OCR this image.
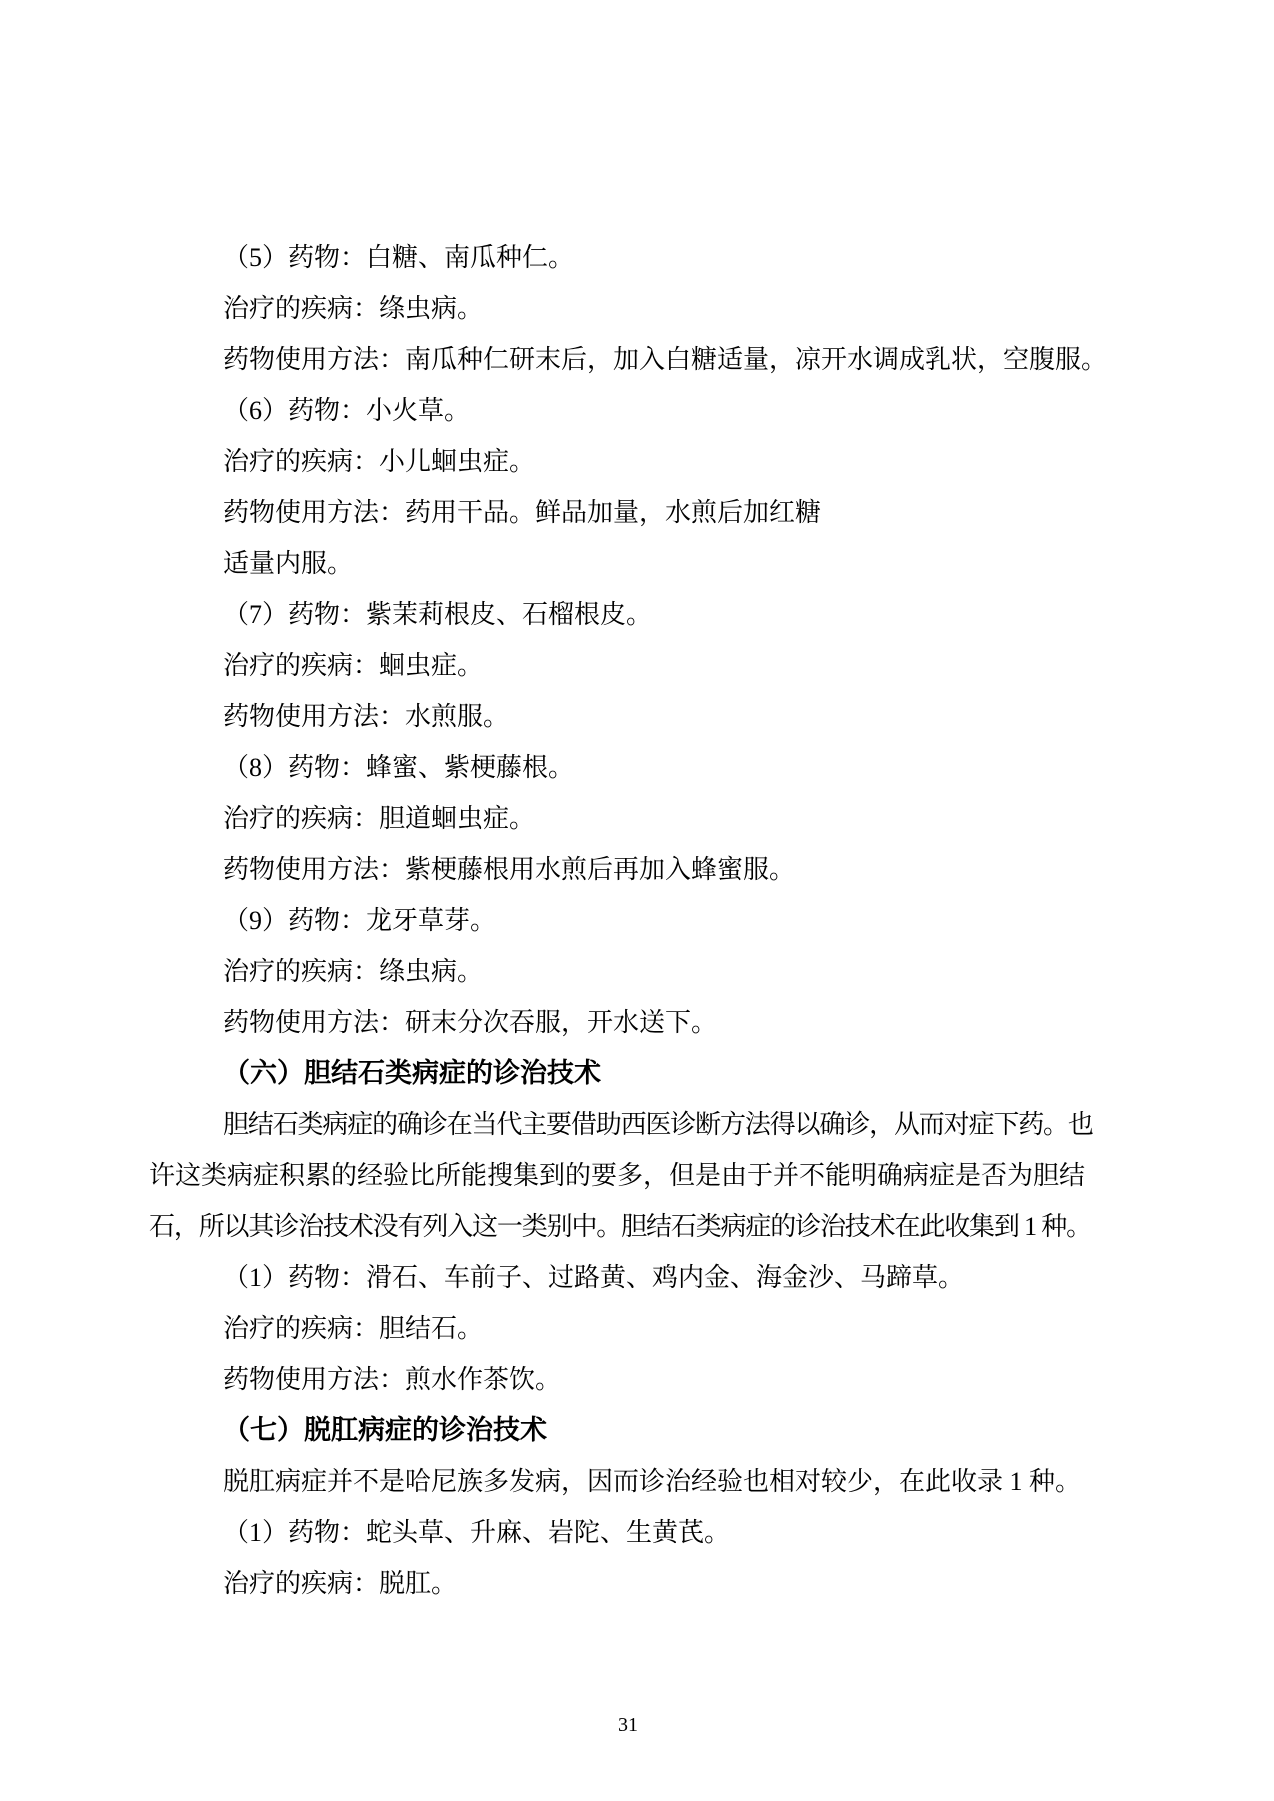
（5）药物：白糖、南瓜种仁。
治疗的疾病：绦虫病。
药物使用方法：南瓜种仁研末后，加入白糖适量，凉开水调成乳状，空腹服。
（6）药物：小火草。
治疗的疾病：小儿蛔虫症。
药物使用方法：药用干品。鲜品加量，水煎后加红糖
适量内服。
（7）药物：紫茉莉根皮、石榴根皮。
治疗的疾病：蛔虫症。
药物使用方法：水煎服。
（8）药物：蜂蜜、紫梗藤根。
治疗的疾病：胆道蛔虫症。
药物使用方法：紫梗藤根用水煎后再加入蜂蜜服。
（9）药物：龙牙草芽。
治疗的疾病：绦虫病。
药物使用方法：研末分次吞服，开水送下。
（六）胆结石类病症的诊治技术
胆结石类病症的确诊在当代主要借助西医诊断方法得以确诊，从而对症下药。也
许这类病症积累的经验比所能搜集到的要多，但是由于并不能明确病症是否为胆结
石，所以其诊治技术没有列入这一类别中。胆结石类病症的诊治技术在此收集到 1 种。
（1）药物：滑石、车前子、过路黄、鸡内金、海金沙、马蹄草。
治疗的疾病：胆结石。
药物使用方法：煎水作茶饮。
（七）脱肛病症的诊治技术
脱肛病症并不是哈尼族多发病，因而诊治经验也相对较少，在此收录 1 种。
（1）药物：蛇头草、升麻、岩陀、生黄芪。
治疗的疾病：脱肛。
31
